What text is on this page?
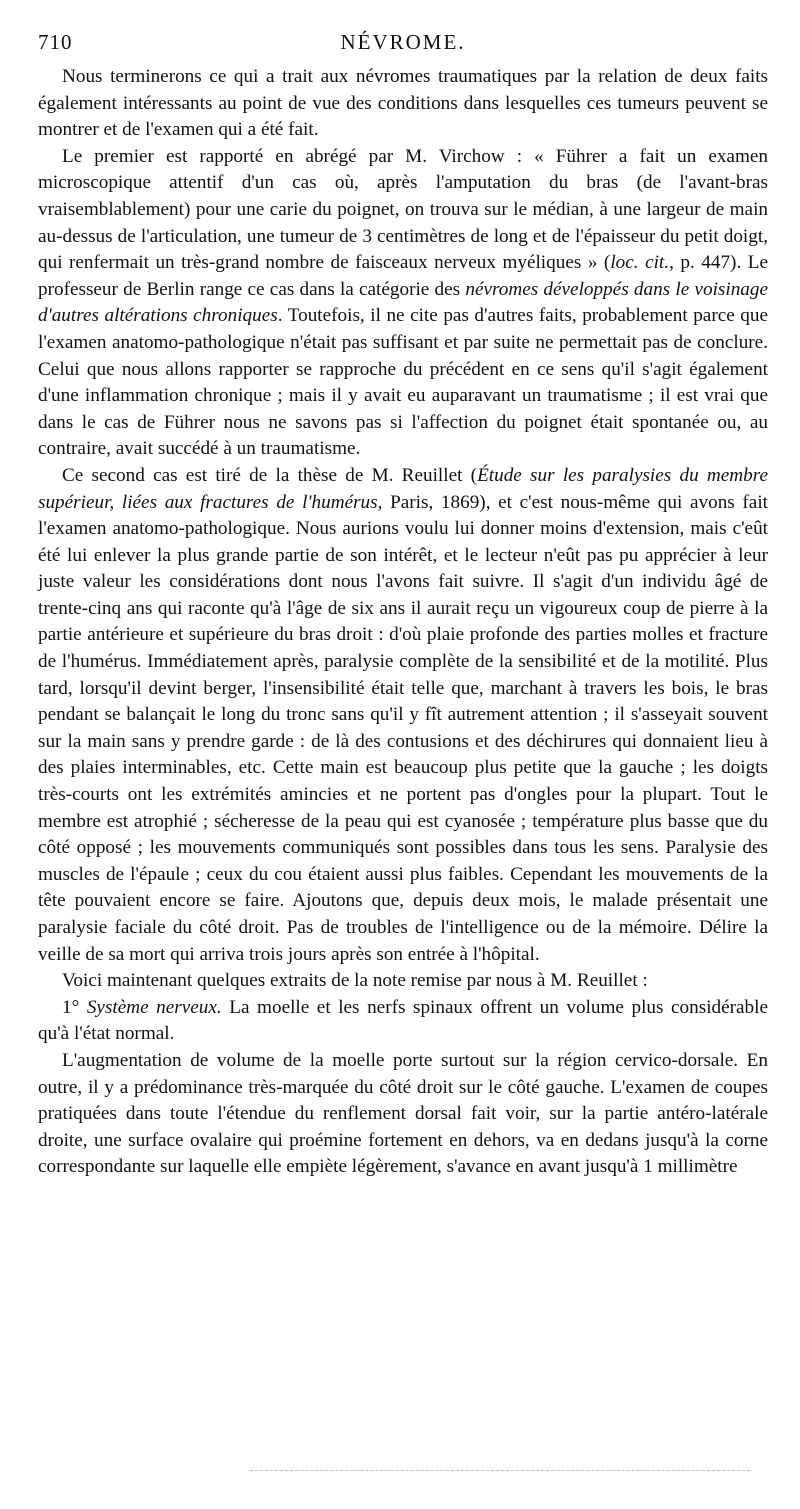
710	NÉVROME.

Nous terminerons ce qui a trait aux névromes traumatiques par la relation de deux faits également intéressants au point de vue des conditions dans lesquelles ces tumeurs peuvent se montrer et de l'examen qui a été fait.

Le premier est rapporté en abrégé par M. Virchow : « Führer a fait un examen microscopique attentif d'un cas où, après l'amputation du bras (de l'avant-bras vraisemblablement) pour une carie du poignet, on trouva sur le médian, à une largeur de main au-dessus de l'articulation, une tumeur de 3 centimètres de long et de l'épaisseur du petit doigt, qui renfermait un très-grand nombre de faisceaux nerveux myéliques » (loc. cit., p. 447). Le professeur de Berlin range ce cas dans la catégorie des névromes développés dans le voisinage d'autres altérations chroniques. Toutefois, il ne cite pas d'autres faits, probablement parce que l'examen anatomo-pathologique n'était pas suffisant et par suite ne permettait pas de conclure. Celui que nous allons rapporter se rapproche du précédent en ce sens qu'il s'agit également d'une inflammation chronique ; mais il y avait eu auparavant un traumatisme ; il est vrai que dans le cas de Führer nous ne savons pas si l'affection du poignet était spontanée ou, au contraire, avait succédé à un traumatisme.

Ce second cas est tiré de la thèse de M. Reuillet (Étude sur les paralysies du membre supérieur, liées aux fractures de l'humérus, Paris, 1869), et c'est nous-même qui avons fait l'examen anatomo-pathologique. Nous aurions voulu lui donner moins d'extension, mais c'eût été lui enlever la plus grande partie de son intérêt, et le lecteur n'eût pas pu apprécier à leur juste valeur les considérations dont nous l'avons fait suivre. Il s'agit d'un individu âgé de trente-cinq ans qui raconte qu'à l'âge de six ans il aurait reçu un vigoureux coup de pierre à la partie antérieure et supérieure du bras droit : d'où plaie profonde des parties molles et fracture de l'humérus. Immédiatement après, paralysie complète de la sensibilité et de la motilité. Plus tard, lorsqu'il devint berger, l'insensibilité était telle que, marchant à travers les bois, le bras pendant se balançait le long du tronc sans qu'il y fît autrement attention ; il s'asseyait souvent sur la main sans y prendre garde : de là des contusions et des déchirures qui donnaient lieu à des plaies interminables, etc. Cette main est beaucoup plus petite que la gauche ; les doigts très-courts ont les extrémités amincies et ne portent pas d'ongles pour la plupart. Tout le membre est atrophié ; sécheresse de la peau qui est cyanosée ; température plus basse que du côté opposé ; les mouvements communiqués sont possibles dans tous les sens. Paralysie des muscles de l'épaule ; ceux du cou étaient aussi plus faibles. Cependant les mouvements de la tête pouvaient encore se faire. Ajoutons que, depuis deux mois, le malade présentait une paralysie faciale du côté droit. Pas de troubles de l'intelligence ou de la mémoire. Délire la veille de sa mort qui arriva trois jours après son entrée à l'hôpital.

Voici maintenant quelques extraits de la note remise par nous à M. Reuillet :

1° Système nerveux. La moelle et les nerfs spinaux offrent un volume plus considérable qu'à l'état normal.

L'augmentation de volume de la moelle porte surtout sur la région cervico-dorsale. En outre, il y a prédominance très-marquée du côté droit sur le côté gauche. L'examen de coupes pratiquées dans toute l'étendue du renflement dorsal fait voir, sur la partie antéro-latérale droite, une surface ovalaire qui proémine fortement en dehors, va en dedans jusqu'à la corne correspondante sur laquelle elle empiète légèrement, s'avance en avant jusqu'à 1 millimètre
